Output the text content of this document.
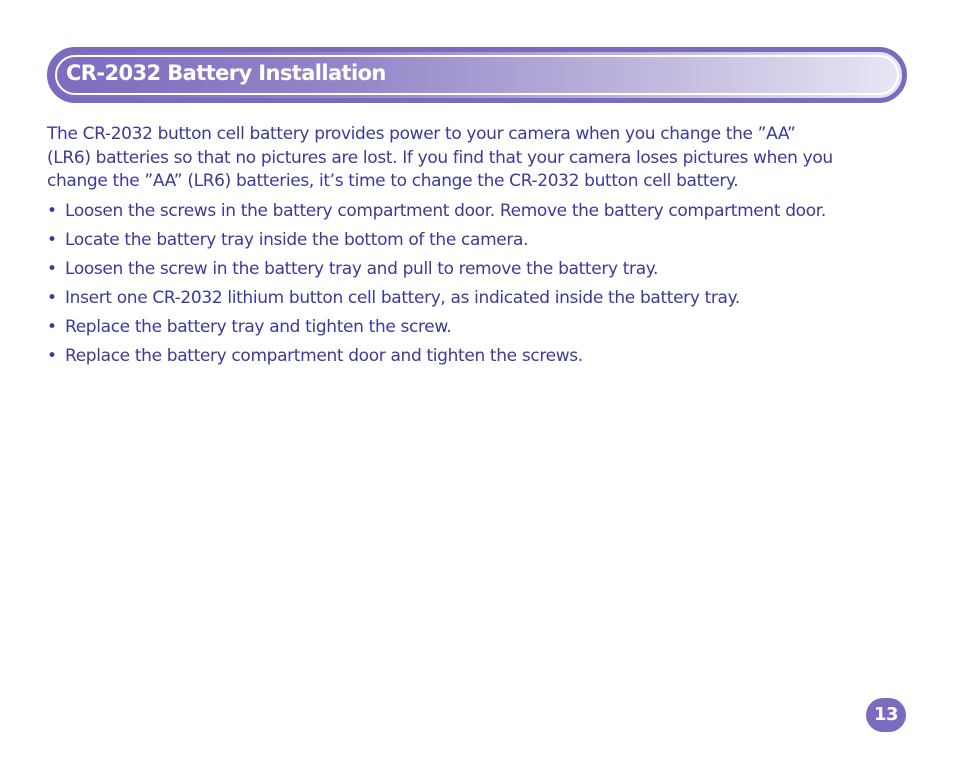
CR-2032 Battery Installation

The CR-2032 button cell battery provides power to your camera when you change the ”AA”
(LR6) batteries so that no pictures are lost. If you find that your camera loses pictures when you
change the ”AA” (LR6) batteries, it’s time to change the CR-2032 button cell battery.

• Loosen the screws in the battery compartment door. Remove the battery compartment door.
• Locate the battery tray inside the bottom of the camera.
• Loosen the screw in the battery tray and pull to remove the battery tray.
• Insert one CR-2032 lithium button cell battery, as indicated inside the battery tray.
• Replace the battery tray and tighten the screw.
• Replace the battery compartment door and tighten the screws.
13
